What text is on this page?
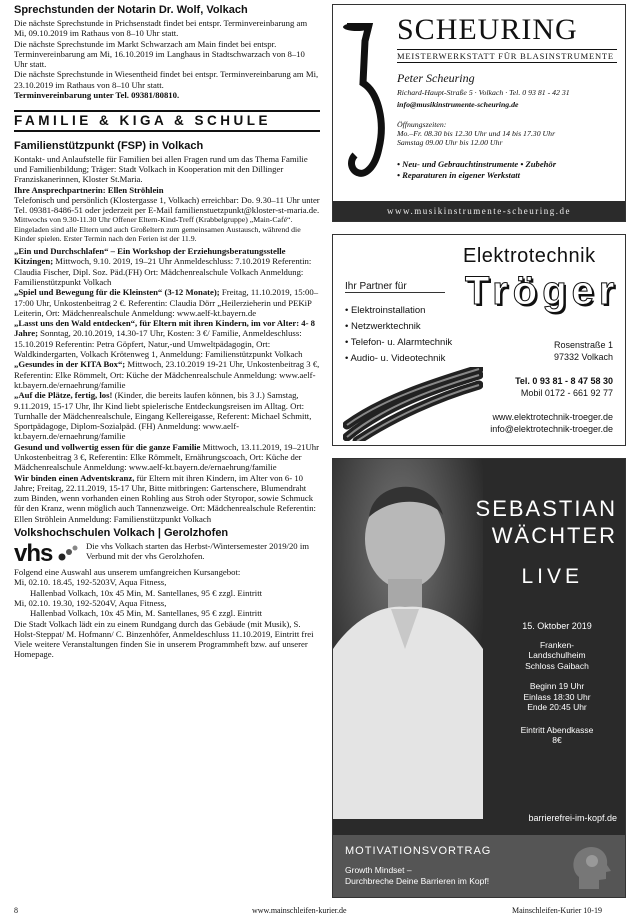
Sprechstunden der Notarin Dr. Wolf, Volkach

Die nächste Sprechstunde in Prichsenstadt findet bei entspr. Terminvereinbarung am Mi, 09.10.2019 im Rathaus von 8–10 Uhr statt.

Die nächste Sprechstunde im Markt Schwarzach am Main findet bei entspr. Terminvereinbarung am Mi, 16.10.2019 im Langhaus in Stadtschwarzach von 8–10 Uhr statt.

Die nächste Sprechstunde in Wiesentheid findet bei entspr. Terminvereinbarung am Mi, 23.10.2019 im Rathaus von 8–10 Uhr statt.

Terminvereinbarung unter Tel. 09381/80810.

FAMILIE & KIGA & SCHULE
Familienstützpunkt (FSP) in Volkach

Kontakt- und Anlaufstelle für Familien bei allen Fragen rund um das Thema Familie und Familienbildung; Träger: Stadt Volkach in Kooperation mit den Dillinger Franziskanerinnen, Kloster St.Maria.

Ihre Ansprechpartnerin: Ellen Ströhlein

Telefonisch und persönlich (Klostergasse 1, Volkach) erreichbar: Do. 9.30–11 Uhr unter Tel. 09381-8486-51 oder jederzeit per E-Mail familienstuetzpunkt@kloster-st-maria.de.

Mittwochs von 9.30-11.30 Uhr Offener Eltern-Kind-Treff (Krabbelgruppe) „Main-Café“. Eingeladen sind alle Eltern und auch Großeltern zum gemeinsamen Austausch, während die Kinder spielen. Erster Termin nach den Ferien ist der 11.9.

„Ein und Durchschlafen“ – Ein Workshop der Erziehungsberatungsstelle Kitzingen; Mittwoch, 9.10. 2019, 19–21 Uhr Anmeldeschluss: 7.10.2019 Referentin: Claudia Fischer, Dipl. Soz. Päd.(FH) Ort: Mädchenrealschule Volkach Anmeldung: Familienstützpunkt Volkach

„Spiel und Bewegung für die Kleinsten“ (3-12 Monate); Freitag, 11.10.2019, 15:00–17:00 Uhr, Unkostenbeitrag 2 €. Referentin: Claudia Dörr „Heilerzieherin und PEKiP Leiterin, Ort: Mädchenrealschule Anmeldung: www.aelf-kt.bayern.de

„Lasst uns den Wald entdecken“, für Eltern mit ihren Kindern, im vor Alter: 4- 8 Jahre; Sonntag, 20.10.2019, 14.30-17 Uhr, Kosten: 3 €/ Familie, Anmeldeschluss: 15.10.2019 Referentin: Petra Göpfert, Natur,-und Umweltpädagogin, Ort: Waldkindergarten, Volkach Krötenweg 1, Anmeldung: Familienstützpunkt Volkach

„Gesundes in der KITA Box“; Mittwoch, 23.10.2019 19-21 Uhr, Unkostenbeitrag 3 €, Referentin: Elke Römmelt, Ort: Küche der Mädchenrealschule Anmeldung: www.aelf-kt.bayern.de/ernaehrung/familie

„Auf die Plätze, fertig, los! (Kinder, die bereits laufen können, bis 3 J.) Samstag, 9.11.2019, 15-17 Uhr, Ihr Kind liebt spielerische Entdeckungsreisen im Alltag. Ort: Turnhalle der Mädchenrealschule, Eingang Kellereigasse, Referent: Michael Schmitt, Sportpädagoge, Diplom-Sozialpäd. (FH) Anmeldung: www.aelf-kt.bayern.de/ernaehrung/familie

Gesund und vollwertig essen für die ganze Familie Mittwoch, 13.11.2019, 19–21Uhr Unkostenbeitrag 3 €, Referentin: Elke Römmelt, Ernährungscoach, Ort: Küche der Mädchenrealschule Anmeldung: www.aelf-kt.bayern.de/ernaehrung/familie

Wir binden einen Adventskranz, für Eltern mit ihren Kindern, im Alter von 6- 10 Jahre; Freitag, 22.11.2019, 15-17 Uhr, Bitte mitbringen: Gartenschere, Blumendraht zum Binden, wenn vorhanden einen Rohling aus Stroh oder Styropor, sowie Schmuck für den Kranz, wenn möglich auch Tannenzweige. Ort: Mädchenrealschule Referentin: Ellen Ströhlein Anmeldung: Familienstützpunkt Volkach

Volkshochschulen Volkach | Gerolzhofen
vhs	Die vhs Volkach starten das Herbst-/Wintersemester 2019/20 im Verbund mit der vhs Gerolzhofen.

Folgend eine Auswahl aus unserem umfangreichen Kursangebot:

Mi, 02.10. 18.45, 192-5203V, Aqua Fitness,

Hallenbad Volkach, 10x 45 Min, M. Santellanes, 95 € zzgl. Eintritt

Mi, 02.10. 19.30, 192-5204V, Aqua Fitness,

Hallenbad Volkach, 10x 45 Min, M. Santellanes, 95 € zzgl. Eintritt

Die Stadt Volkach lädt ein zu einem Rundgang durch das Gebäude (mit Musik), S. Holst-Steppat/ M. Hofmann/ C. Binzenhöfer, Anmeldeschluss 11.10.2019, Eintritt frei

Viele weitere Veranstaltungen finden Sie in unserem Programmheft bzw. auf unserer Homepage.

S
p
SCHEURING
MEISTERWERKSTATT FÜR BLASINSTRUMENTE
Peter Scheuring
Richard-Haupt-Straße 5 · Volkach · Tel. 0 93 81 - 42 31
info@musikinstrumente-scheuring.de
Öffnungszeiten:
Mo.–Fr. 08.30 bis 12.30 Uhr und 14 bis 17.30 Uhr
Samstag 09.00 Uhr bis 12.00 Uhr
• Neu- und Gebrauchtinstrumente • Zubehör
• Reparaturen in eigener Werkstatt
www.musikinstrumente-scheuring.de
Elektrotechnik
Tröger
Ihr Partner für
• Elektroinstallation
• Netzwerktechnik
• Telefon- u. Alarmtechnik
• Audio- u. Videotechnik
Rosenstraße 1
97332 Volkach
Tel. 0 93 81 - 8 47 58 30
Mobil 0172 - 661 92 77
www.elektrotechnik-troeger.de
info@elektrotechnik-troeger.de
SEBASTIAN
WÄCHTER
LIVE
15. Oktober 2019
Franken-
Landschulheim
Schloss Gaibach
Beginn 19 Uhr
Einlass 18:30 Uhr
Ende 20:45 Uhr
Eintritt Abendkasse
8€
barrierefrei-im-kopf.de
MOTIVATIONSVORTRAG
Growth Mindset –
Durchbreche Deine Barrieren im Kopf!
8	www.mainschleifen-kurier.de	Mainschleifen-Kurier 10-19
